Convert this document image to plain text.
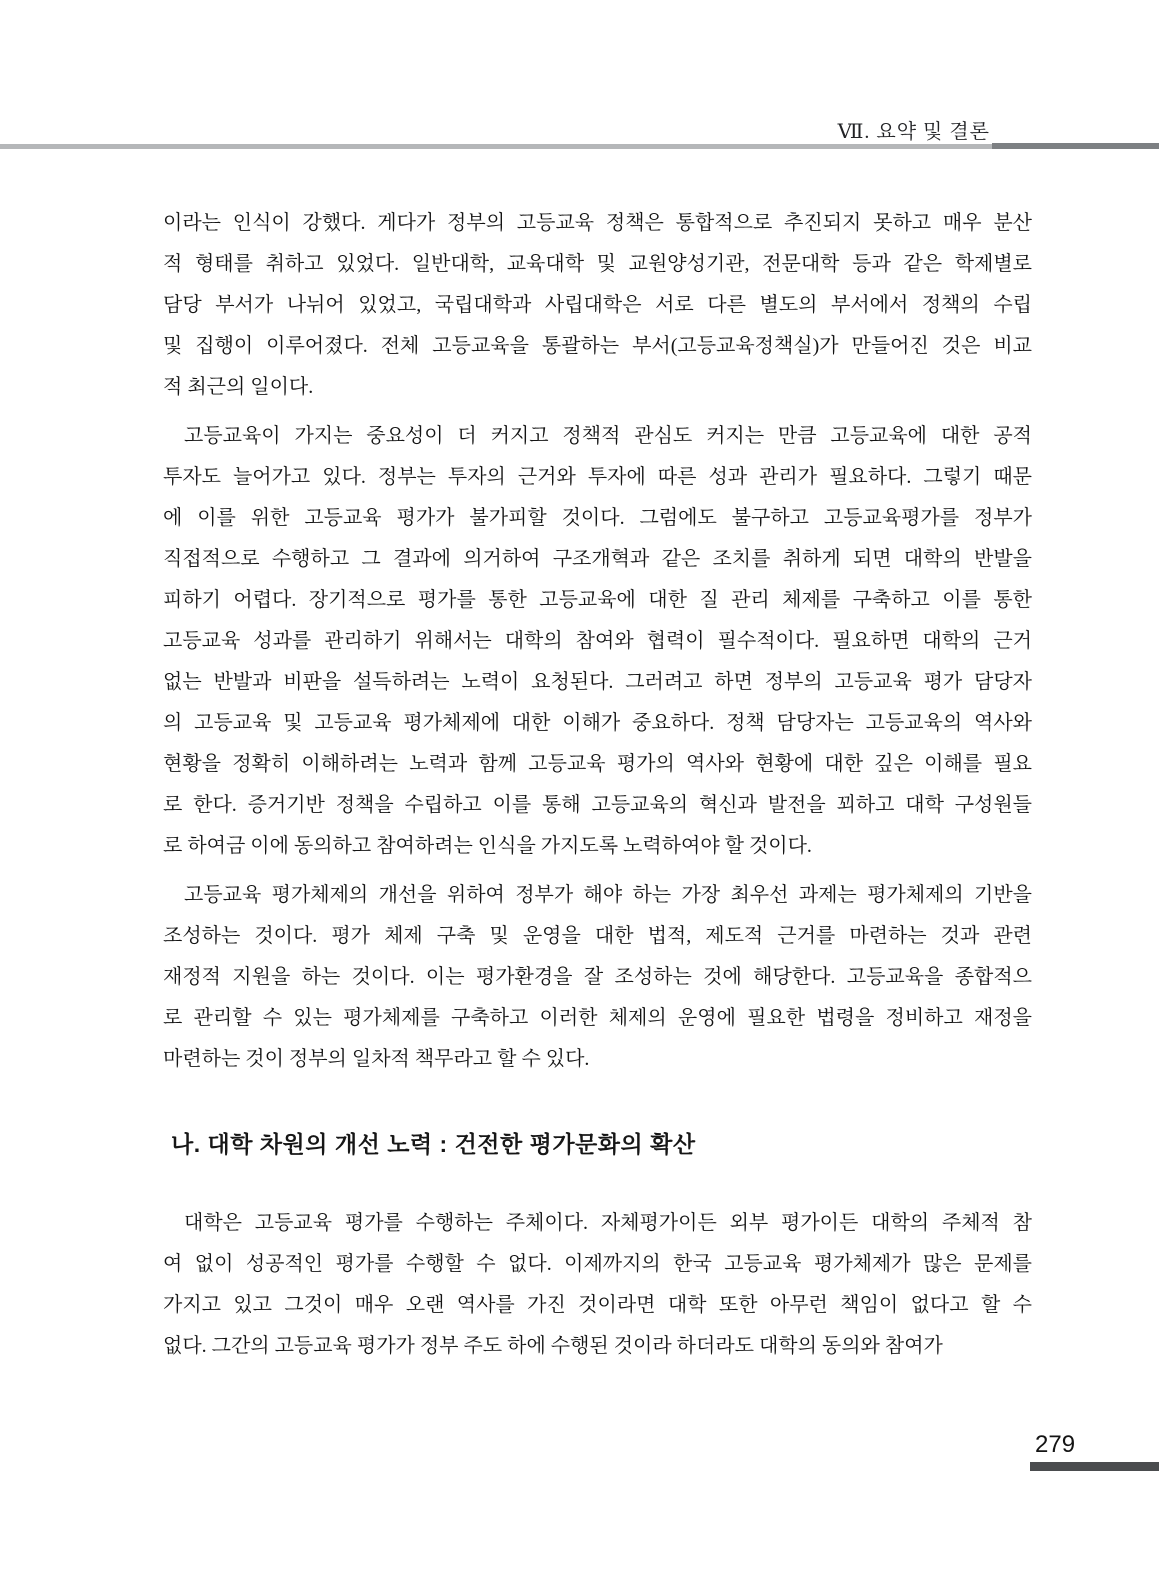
Ⅶ. 요약 및 결론
이라는 인식이 강했다. 게다가 정부의 고등교육 정책은 통합적으로 추진되지 못하고 매우 분산
적 형태를 취하고 있었다. 일반대학, 교육대학 및 교원양성기관, 전문대학 등과 같은 학제별로
담당 부서가 나뉘어 있었고, 국립대학과 사립대학은 서로 다른 별도의 부서에서 정책의 수립
및 집행이 이루어졌다. 전체 고등교육을 통괄하는 부서(고등교육정책실)가 만들어진 것은 비교
적 최근의 일이다.
고등교육이 가지는 중요성이 더 커지고 정책적 관심도 커지는 만큼 고등교육에 대한 공적
투자도 늘어가고 있다. 정부는 투자의 근거와 투자에 따른 성과 관리가 필요하다. 그렇기 때문
에 이를 위한 고등교육 평가가 불가피할 것이다. 그럼에도 불구하고 고등교육평가를 정부가
직접적으로 수행하고 그 결과에 의거하여 구조개혁과 같은 조치를 취하게 되면 대학의 반발을
피하기 어렵다. 장기적으로 평가를 통한 고등교육에 대한 질 관리 체제를 구축하고 이를 통한
고등교육 성과를 관리하기 위해서는 대학의 참여와 협력이 필수적이다. 필요하면 대학의 근거
없는 반발과 비판을 설득하려는 노력이 요청된다. 그러려고 하면 정부의 고등교육 평가 담당자
의 고등교육 및 고등교육 평가체제에 대한 이해가 중요하다. 정책 담당자는 고등교육의 역사와
현황을 정확히 이해하려는 노력과 함께 고등교육 평가의 역사와 현황에 대한 깊은 이해를 필요
로 한다. 증거기반 정책을 수립하고 이를 통해 고등교육의 혁신과 발전을 꾀하고 대학 구성원들
로 하여금 이에 동의하고 참여하려는 인식을 가지도록 노력하여야 할 것이다.
고등교육 평가체제의 개선을 위하여 정부가 해야 하는 가장 최우선 과제는 평가체제의 기반을
조성하는 것이다. 평가 체제 구축 및 운영을 대한 법적, 제도적 근거를 마련하는 것과 관련
재정적 지원을 하는 것이다. 이는 평가환경을 잘 조성하는 것에 해당한다. 고등교육을 종합적으
로 관리할 수 있는 평가체제를 구축하고 이러한 체제의 운영에 필요한 법령을 정비하고 재정을
마련하는 것이 정부의 일차적 책무라고 할 수 있다.
나. 대학 차원의 개선 노력 : 건전한 평가문화의 확산
대학은 고등교육 평가를 수행하는 주체이다. 자체평가이든 외부 평가이든 대학의 주체적 참
여 없이 성공적인 평가를 수행할 수 없다. 이제까지의 한국 고등교육 평가체제가 많은 문제를
가지고 있고 그것이 매우 오랜 역사를 가진 것이라면 대학 또한 아무런 책임이 없다고 할 수
없다. 그간의 고등교육 평가가 정부 주도 하에 수행된 것이라 하더라도 대학의 동의와 참여가
279
